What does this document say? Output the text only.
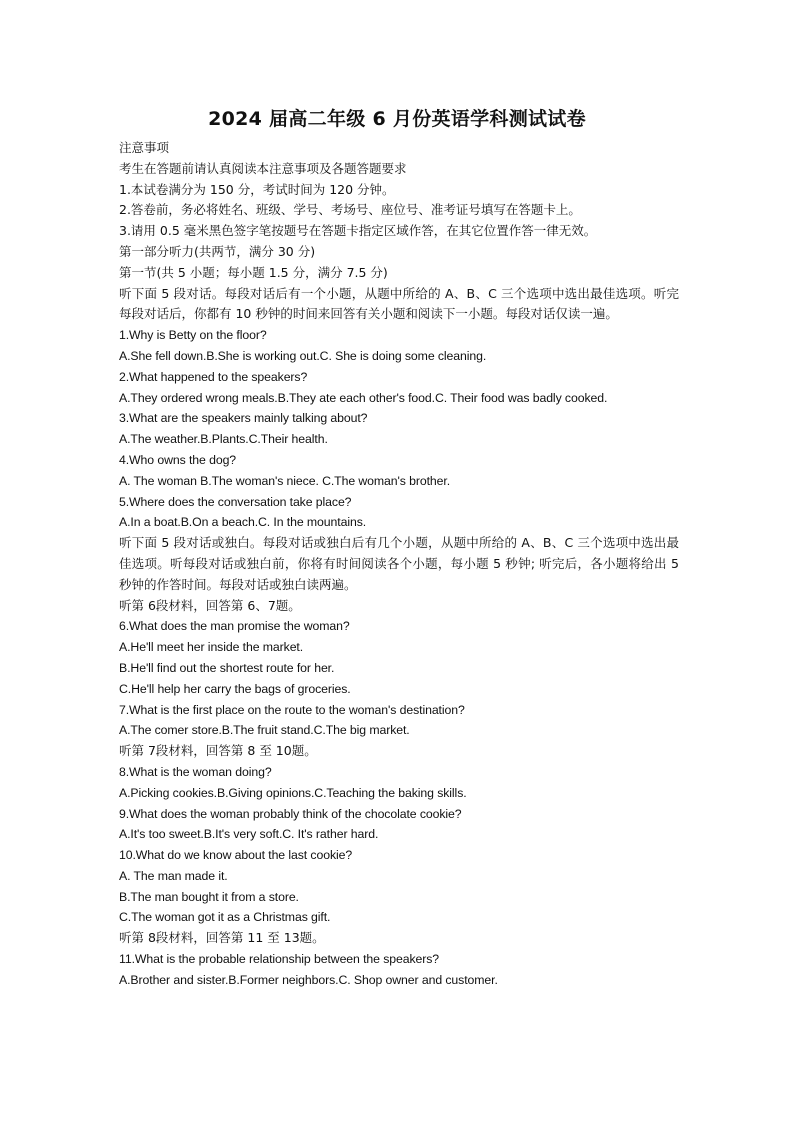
2024 届高二年级 6 月份英语学科测试试卷
注意事项
考生在答题前请认真阅读本注意事项及各题答题要求
1.本试卷满分为 150 分，考试时间为 120 分钟。
2.答卷前，务必将姓名、班级、学号、考场号、座位号、准考证号填写在答题卡上。
3.请用 0.5 毫米黑色签字笔按题号在答题卡指定区域作答，在其它位置作答一律无效。
第一部分听力(共两节，满分 30 分)
第一节(共 5 小题；每小题 1.5 分，满分 7.5 分)
听下面 5 段对话。每段对话后有一个小题，从题中所给的 A、B、C 三个选项中选出最佳选项。听完每段对话后，你都有 10 秒钟的时间来回答有关小题和阅读下一小题。每段对话仅读一遍。
1.Why is Betty on the floor?
A.She fell down.B.She is working out.C. She is doing some cleaning.
2.What happened to the speakers?
A.They ordered wrong meals.B.They ate each other's food.C. Their food was badly cooked.
3.What are the speakers mainly talking about?
A.The weather.B.Plants.C.Their health.
4.Who owns the dog?
A. The woman B.The woman's niece. C.The woman's brother.
5.Where does the conversation take place?
A.In a boat.B.On a beach.C. In the mountains.
听下面 5 段对话或独白。每段对话或独白后有几个小题，从题中所给的 A、B、C 三个选项中选出最佳选项。听每段对话或独白前，你将有时间阅读各个小题，每小题 5 秒钟; 听完后，各小题将给出 5 秒钟的作答时间。每段对话或独白读两遍。
听第 6段材料，回答第 6、7题。
6.What does the man promise the woman?
A.He'll meet her inside the market.
B.He'll find out the shortest route for her.
C.He'll help her carry the bags of groceries.
7.What is the first place on the route to the woman's destination?
A.The comer store.B.The fruit stand.C.The big market.
听第 7段材料，回答第 8 至 10题。
8.What is the woman doing?
A.Picking cookies.B.Giving opinions.C.Teaching the baking skills.
9.What does the woman probably think of the chocolate cookie?
A.It's too sweet.B.It's very soft.C. It's rather hard.
10.What do we know about the last cookie?
A. The man made it.
B.The man bought it from a store.
C.The woman got it as a Christmas gift.
听第 8段材料，回答第 11 至 13题。
11.What is the probable relationship between the speakers?
A.Brother and sister.B.Former neighbors.C. Shop owner and customer.
